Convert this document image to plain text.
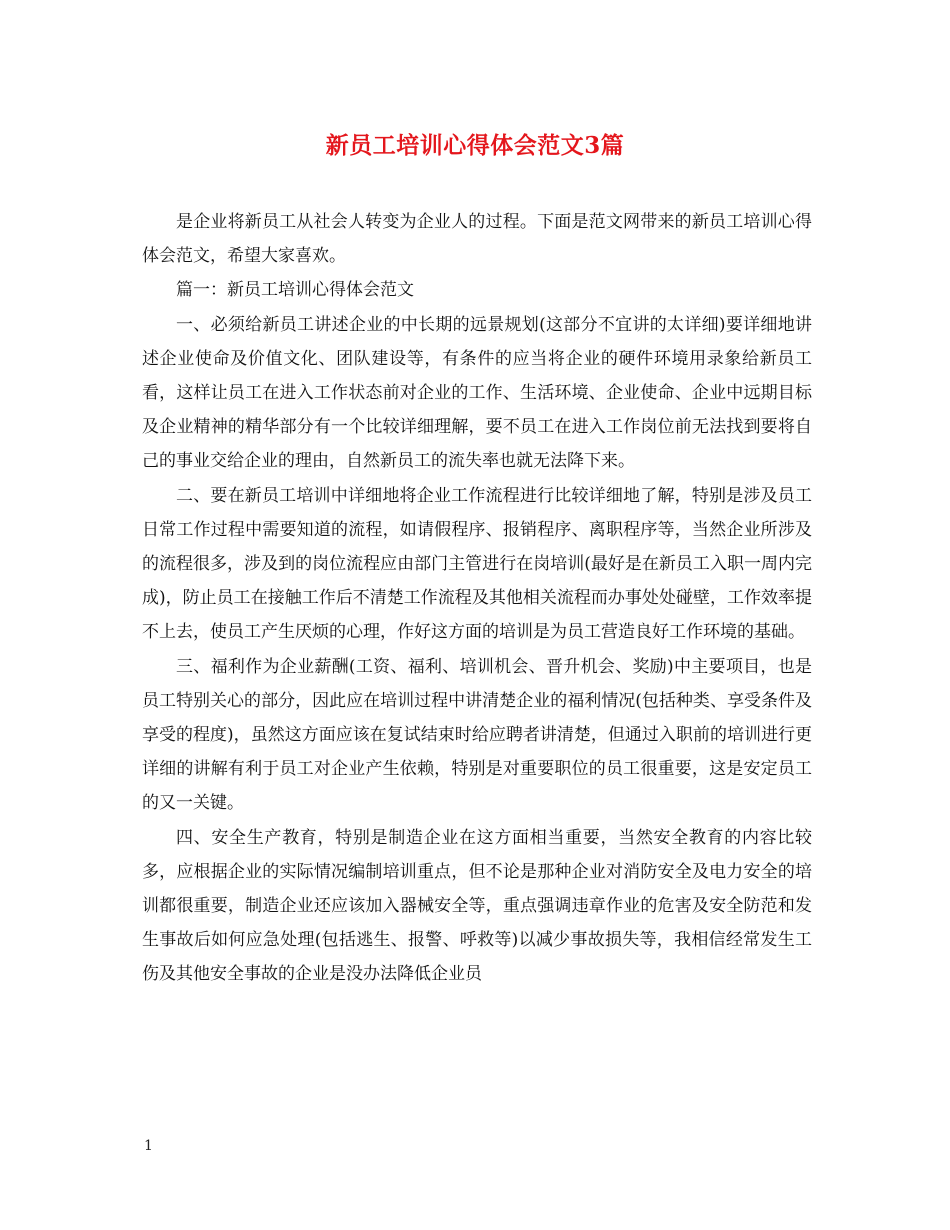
新员工培训心得体会范文3篇

是企业将新员工从社会人转变为企业人的过程。下面是范文网带来的新员工培训心得体会范文，希望大家喜欢。

篇一：新员工培训心得体会范文

一、必须给新员工讲述企业的中长期的远景规划(这部分不宜讲的太详细)要详细地讲述企业使命及价值文化、团队建设等，有条件的应当将企业的硬件环境用录象给新员工看，这样让员工在进入工作状态前对企业的工作、生活环境、企业使命、企业中远期目标及企业精神的精华部分有一个比较详细理解，要不员工在进入工作岗位前无法找到要将自己的事业交给企业的理由，自然新员工的流失率也就无法降下来。

二、要在新员工培训中详细地将企业工作流程进行比较详细地了解，特别是涉及员工日常工作过程中需要知道的流程，如请假程序、报销程序、离职程序等，当然企业所涉及的流程很多，涉及到的岗位流程应由部门主管进行在岗培训(最好是在新员工入职一周内完成)，防止员工在接触工作后不清楚工作流程及其他相关流程而办事处处碰壁，工作效率提不上去，使员工产生厌烦的心理，作好这方面的培训是为员工营造良好工作环境的基础。

三、福利作为企业薪酬(工资、福利、培训机会、晋升机会、奖励)中主要项目，也是员工特别关心的部分，因此应在培训过程中讲清楚企业的福利情况(包括种类、享受条件及享受的程度)，虽然这方面应该在复试结束时给应聘者讲清楚，但通过入职前的培训进行更详细的讲解有利于员工对企业产生依赖，特别是对重要职位的员工很重要，这是安定员工的又一关键。

四、安全生产教育，特别是制造企业在这方面相当重要，当然安全教育的内容比较多，应根据企业的实际情况编制培训重点，但不论是那种企业对消防安全及电力安全的培训都很重要，制造企业还应该加入器械安全等，重点强调违章作业的危害及安全防范和发生事故后如何应急处理(包括逃生、报警、呼救等)以减少事故损失等，我相信经常发生工伤及其他安全事故的企业是没办法降低企业员

1
